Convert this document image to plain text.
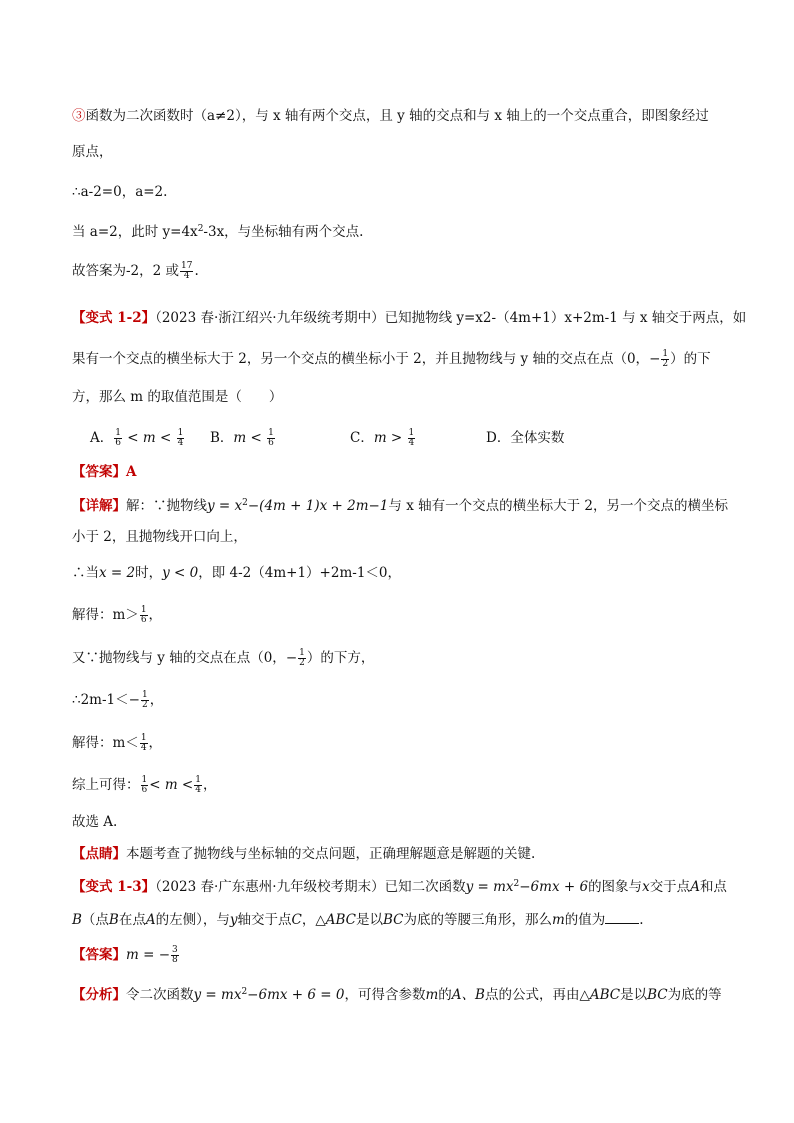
③函数为二次函数时（a≠2），与 x 轴有两个交点，且 y 轴的交点和与 x 轴上的一个交点重合，即图象经过
原点，
∴a-2=0，a=2.
当 a=2，此时 $y=4x^2-3x$，与坐标轴有两个交点.
故答案为-2，2 或 $\frac{17}{4}$ .
【变式 1-2】（2023 春·浙江绍兴·九年级统考期中）已知抛物线 y=x2-（4m+1）x+2m-1 与 x 轴交于两点，如
果有一个交点的横坐标大于 2，另一个交点的横坐标小于 2，并且抛物线与 y 轴的交点在点（0，− $\frac{1}{2}$ ）的下
方，那么 m 的取值范围是（　　）
A． $\frac{1}{6} < m < \frac{1}{4}$ B．$m < \frac{1}{6}$	C．$m > \frac{1}{4}$	D．全体实数
【答案】A
【详解】解：∵抛物线$y = x^2-(4m + 1)x + 2m-1$与 x 轴有一个交点的横坐标大于 2，另一个交点的横坐标
小于 2，且抛物线开口向上，
∴当x = 2时，y < 0，即 4-2（4m+1）+2m-1＜0，
解得：$m> \frac{1}{6}$ ，
又∵抛物线与 y 轴的交点在点（0，− $\frac{1}{2}$ ）的下方，
∴2m-1＜− $\frac{1}{2}$ ，
解得：$m< \frac{1}{4}$ ，
综上可得： $\frac{1}{6} < m < \frac{1}{4}$ ，
故选 A.
【点睛】本题考查了抛物线与坐标轴的交点问题，正确理解题意是解题的关键.
【变式 1-3】（2023 春·广东惠州·九年级校考期末）已知二次函数$y = mx^2-6mx + 6$的图象与x交于点A和点
B（点B在点A的左侧），与y轴交于点C，△ABC是以BC为底的等腰三角形，那么m的值为	.
【答案】m = − $\frac{3}{8}$
【分析】令二次函数$y = mx^2-6mx + 6 = 0$，可得含参数m的A、B点的公式，再由△ABC是以BC为底的等
